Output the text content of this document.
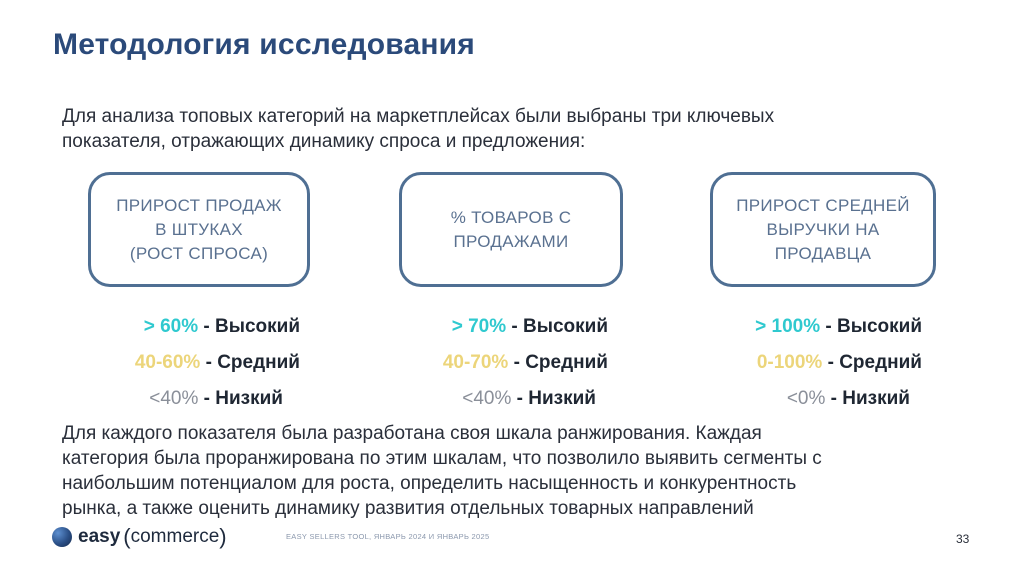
Методология исследования
Для анализа топовых категорий на маркетплейсах были выбраны три ключевых
показателя, отражающих динамику спроса и предложения:
ПРИРОСТ ПРОДАЖ
В ШТУКАХ
(РОСТ СПРОСА)
% ТОВАРОВ С
ПРОДАЖАМИ
ПРИРОСТ СРЕДНЕЙ
ВЫРУЧКИ НА
ПРОДАВЦА
> 60% - Высокий
40-60% - Средний
<40% - Низкий
> 70% - Высокий
40-70% - Средний
<40% - Низкий
> 100% - Высокий
0-100% - Средний
<0% - Низкий
Для каждого показателя была разработана своя шкала ранжирования. Каждая
категория была проранжирована по этим шкалам, что позволило выявить сегменты с
наибольшим потенциалом для роста, определить насыщенность и конкурентность
рынка, а также оценить динамику развития отдельных товарных направлений
easy ( commerce )	EASY SELLERS TOOL, ЯНВАРЬ 2024 И ЯНВАРЬ 2025	33
